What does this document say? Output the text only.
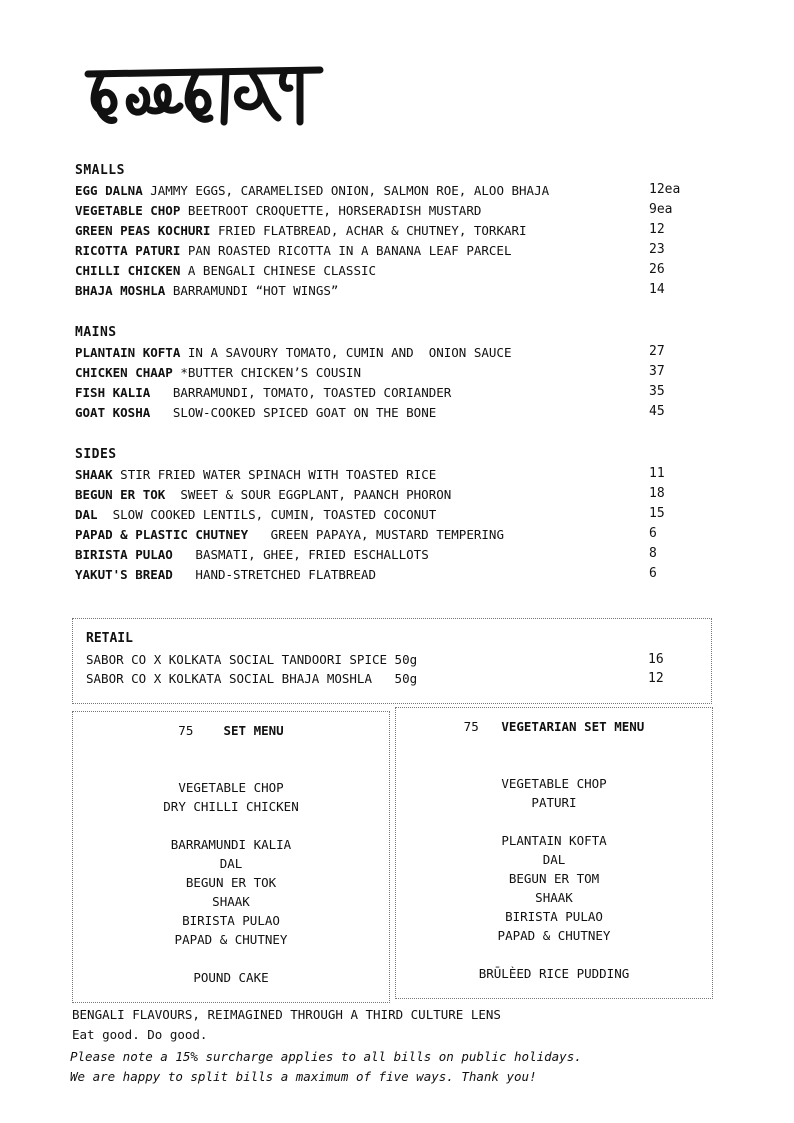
SMALLS
EGG DALNA JAMMY EGGS, CARAMELISED ONION, SALMON ROE, ALOO BHAJA	12ea
VEGETABLE CHOP BEETROOT CROQUETTE, HORSERADISH MUSTARD	9ea
GREEN PEAS KOCHURI FRIED FLATBREAD, ACHAR & CHUTNEY, TORKARI	12
RICOTTA PATURI PAN ROASTED RICOTTA IN A BANANA LEAF PARCEL	23
CHILLI CHICKEN A BENGALI CHINESE CLASSIC	26
BHAJA MOSHLA BARRAMUNDI “HOT WINGS”	14
MAINS
PLANTAIN KOFTA IN A SAVOURY TOMATO, CUMIN AND  ONION SAUCE	27
CHICKEN CHAAP *BUTTER CHICKEN’S COUSIN	37
FISH KALIA   BARRAMUNDI, TOMATO, TOASTED CORIANDER	35
GOAT KOSHA   SLOW-COOKED SPICED GOAT ON THE BONE	45
SIDES
SHAAK STIR FRIED WATER SPINACH WITH TOASTED RICE	11
BEGUN ER TOK  SWEET & SOUR EGGPLANT, PAANCH PHORON	18
DAL  SLOW COOKED LENTILS, CUMIN, TOASTED COCONUT	15
PAPAD & PLASTIC CHUTNEY   GREEN PAPAYA, MUSTARD TEMPERING	6
BIRISTA PULAO   BASMATI, GHEE, FRIED ESCHALLOTS	8
YAKUT'S BREAD   HAND-STRETCHED FLATBREAD	6
RETAIL
SABOR CO X KOLKATA SOCIAL TANDOORI SPICE 50g	16
SABOR CO X KOLKATA SOCIAL BHAJA MOSHLA   50g	12
75 SET MENU
VEGETABLE CHOP
DRY CHILLI CHICKEN
BARRAMUNDI KALIA
DAL
BEGUN ER TOK
SHAAK
BIRISTA PULAO
PAPAD & CHUTNEY
POUND CAKE
75 VEGETARIAN SET MENU
VEGETABLE CHOP
PATURI
PLANTAIN KOFTA
DAL
BEGUN ER TOM
SHAAK
BIRISTA PULAO
PAPAD & CHUTNEY
BRŪLÈED RICE PUDDING
BENGALI FLAVOURS, REIMAGINED THROUGH A THIRD CULTURE LENS
Eat good. Do good.
Please note a 15% surcharge applies to all bills on public holidays.
We are happy to split bills a maximum of five ways. Thank you!
